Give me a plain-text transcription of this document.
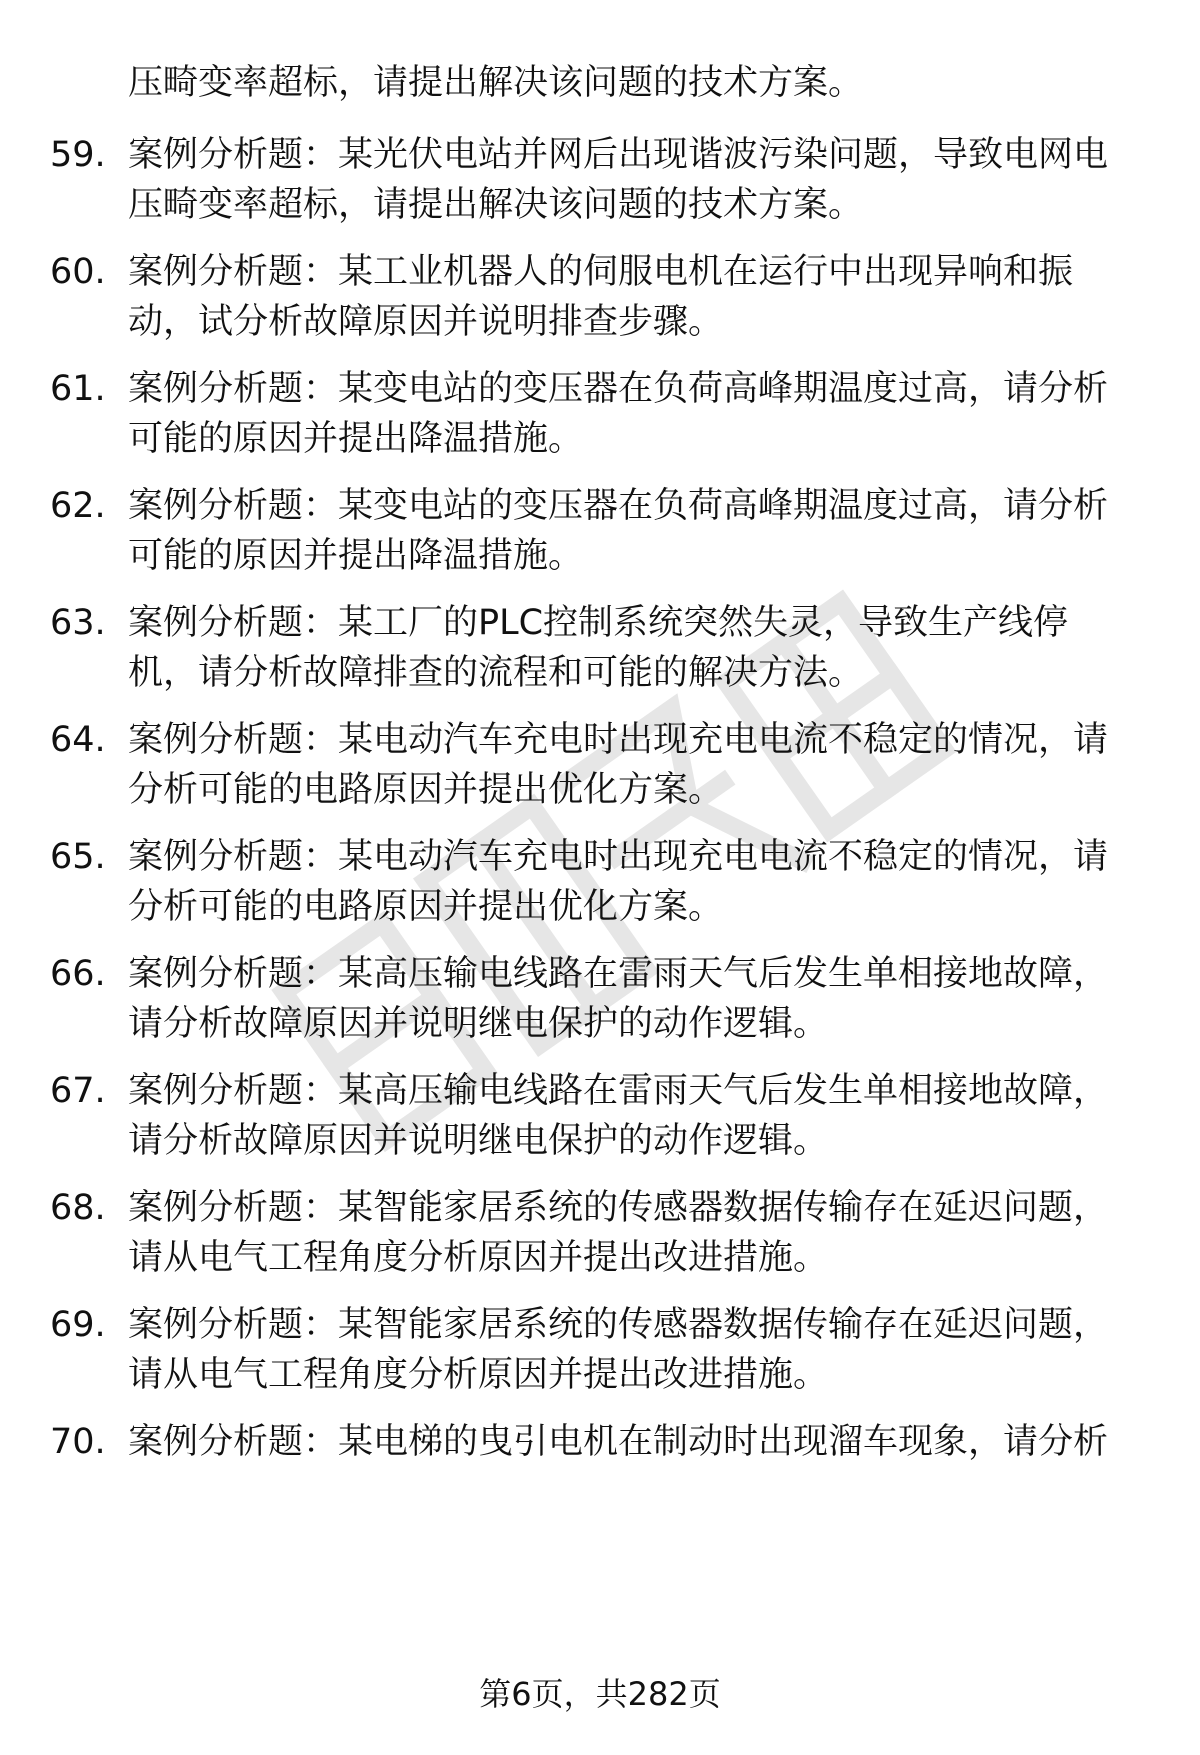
压畸变率超标，请提出解决该问题的技术方案。
59. 案例分析题：某光伏电站并网后出现谐波污染问题，导致电网电
压畸变率超标，请提出解决该问题的技术方案。
60. 案例分析题：某工业机器人的伺服电机在运行中出现异响和振
动，试分析故障原因并说明排查步骤。
61. 案例分析题：某变电站的变压器在负荷高峰期温度过高，请分析
可能的原因并提出降温措施。
62. 案例分析题：某变电站的变压器在负荷高峰期温度过高，请分析
可能的原因并提出降温措施。
63. 案例分析题：某工厂的PLC控制系统突然失灵，导致生产线停
机，请分析故障排查的流程和可能的解决方法。
64. 案例分析题：某电动汽车充电时出现充电电流不稳定的情况，请
分析可能的电路原因并提出优化方案。
65. 案例分析题：某电动汽车充电时出现充电电流不稳定的情况，请
分析可能的电路原因并提出优化方案。
66. 案例分析题：某高压输电线路在雷雨天气后发生单相接地故障，
请分析故障原因并说明继电保护的动作逻辑。
67. 案例分析题：某高压输电线路在雷雨天气后发生单相接地故障，
请分析故障原因并说明继电保护的动作逻辑。
68. 案例分析题：某智能家居系统的传感器数据传输存在延迟问题，
请从电气工程角度分析原因并提出改进措施。
69. 案例分析题：某智能家居系统的传感器数据传输存在延迟问题，
请从电气工程角度分析原因并提出改进措施。
70. 案例分析题：某电梯的曳引电机在制动时出现溜车现象，请分析
第6页，共282页
